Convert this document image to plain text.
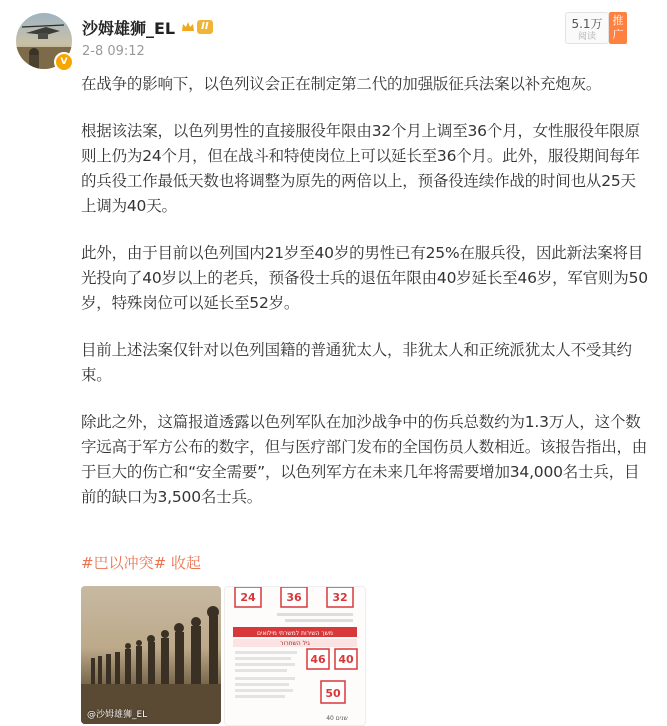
V
沙姆雄狮_EL	II
2-8 09:12
5.1万
阅读
推广

在战争的影响下，以色列议会正在制定第二代的加强版征兵法案以补充炮灰。

根据该法案，以色列男性的直接服役年限由32个月上调至36个月，女性服役年限原则上仍为24个月，但在战斗和特使岗位上可以延长至36个月。此外，服役期间每年的兵役工作最低天数也将调整为原先的两倍以上，预备役连续作战的时间也从25天上调为40天。

此外，由于目前以色列国内21岁至40岁的男性已有25%在服兵役，因此新法案将目光投向了40岁以上的老兵，预备役士兵的退伍年限由40岁延长至46岁，军官则为50岁，特殊岗位可以延长至52岁。

目前上述法案仅针对以色列国籍的普通犹太人，非犹太人和正统派犹太人不受其约束。

除此之外，这篇报道透露以色列军队在加沙战争中的伤兵总数约为1.3万人，这个数字远高于军方公布的数字，但与医疗部门发布的全国伤员人数相近。该报告指出，由于巨大的伤亡和“安全需要”，以色列军方在未来几年将需要增加34,000名士兵，目前的缺口为3,500名士兵。

#巴以冲突# 收起
@沙姆雄狮_EL
24	36	32
משך השירות למשרתי מילואים
גיל השחרור
46 40
50
40 שנים
